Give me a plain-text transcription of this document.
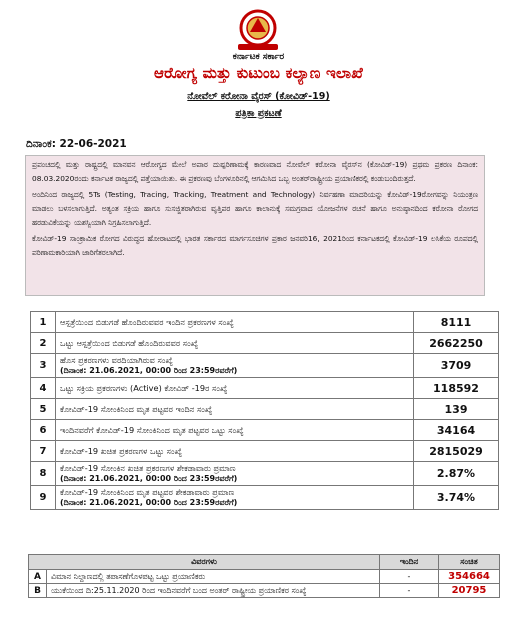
ಕರ್ನಾಟಕ ಸರ್ಕಾರ
ಆರೋಗ್ಯ ಮತ್ತು ಕುಟುಂಬ ಕಲ್ಯಾಣ ಇಲಾಖೆ
ನೋವೆಲ್ ಕರೋನಾ ವೈರಸ್ (ಕೋವಿಡ್-19)
ಪತ್ರಿಕಾ ಪ್ರಕಟಣೆ
ದಿನಾಂಕ: 22-06-2021

ಪ್ರಪಂಚದಲ್ಲಿ ಮತ್ತು ರಾಷ್ಟ್ರದಲ್ಲಿ ಮಾನವನ ಆರೋಗ್ಯದ ಮೇಲೆ ಅಪಾರ ದುಷ್ಪರಿಣಾಮಕ್ಕೆ ಕಾರಣವಾದ ನೋವೆಲ್ ಕರೋನಾ ವೈರಸ್‌ನ (ಕೋವಿಡ್-19) ಪ್ರಥಮ ಪ್ರಕರಣ ದಿನಾಂಕ: 08.03.2020ರಂದು ಕರ್ನಾಟಕ ರಾಜ್ಯದಲ್ಲಿ ಪತ್ತೆಯಾಯಿತು. ಈ ಪ್ರಕರಣವು ಬೆಂಗಳೂರಿನಲ್ಲಿ ಆಗಮಿಸಿದ ಒಬ್ಬ ಅಂತರ್‌ರಾಷ್ಟ್ರೀಯ ಪ್ರಯಾಣಿಕರಲ್ಲಿ ಕಂಡುಬಂದಿರುತ್ತದೆ.

ಅಂದಿನಿಂದ ರಾಜ್ಯದಲ್ಲಿ 5Ts (Testing, Tracing, Tracking, Treatment and Technology) ನಿರ್ವಹಣಾ ಮಾದರಿಯನ್ನು ಕೋವಿಡ್-19ರೋಗವನ್ನು ನಿಯಂತ್ರಣ ಮಾಡಲು ಬಳಸಲಾಗುತ್ತಿದೆ. ಅತ್ಯಂತ ಸಕ್ರಿಯ ಹಾಗೂ ಸುಸಜ್ಜಿತರಾಗಿರುವ ವೃತ್ತಿಪರ ಹಾಗೂ ಕಾಲಾನುಕ್ಕೆ ಸಮಗ್ರವಾದ ಯೋಜನೆಗಳ ರಚನೆ ಹಾಗೂ ಅನುಷ್ಠಾನದಿಂದ ಕರೋನಾ ರೋಗದ ಹರಡುವಿಕೆಯನ್ನು ಯಶಸ್ವಿಯಾಗಿ ನಿಗ್ರಹಿಸಲಾಗುತ್ತಿದೆ.

ಕೋವಿಡ್-19 ಸಾಂಕ್ರಾಮಿಕ ರೋಗದ ವಿರುದ್ಧದ ಹೋರಾಟದಲ್ಲಿ ಭಾರತ ಸರ್ಕಾರದ ಮಾರ್ಗಸೂಚಿಗಳ ಪ್ರಕಾರ ಜನವರಿ16, 2021ರಿಂದ ಕರ್ನಾಟಕದಲ್ಲಿ ಕೋವಿಡ್-19 ಲಸಿಕೆಯ ರೂಪದಲ್ಲಿ ಪರಿಣಾಮಕಾರಿಯಾಗಿ ಜಾರಿಗೆತರಲಾಗಿದೆ.

1	ಆಸ್ಪತ್ರೆಯಿಂದ ಬಿಡುಗಡೆ ಹೊಂದಿರುವವರ ಇಂದಿನ ಪ್ರಕರಣಗಳ ಸಂಖ್ಯೆ	8111
2	ಒಟ್ಟು ಆಸ್ಪತ್ರೆಯಿಂದ ಬಿಡುಗಡೆ ಹೊಂದಿರುವವರ ಸಂಖ್ಯೆ	2662250
3	ಹೊಸ ಪ್ರಕರಣಗಳು ವರದಿಯಾಗಿರುವ ಸಂಖ್ಯೆ
(ದಿನಾಂಕ: 21.06.2021, 00:00 ರಿಂದ 23:59ರವರೆಗೆ)	3709
4	ಒಟ್ಟು ಸಕ್ರಿಯ ಪ್ರಕರಣಗಳು (Active) ಕೋವಿಡ್ -19ರ ಸಂಖ್ಯೆ	118592
5	ಕೋವಿಡ್-19 ಸೋಂಕಿನಿಂದ ಮೃತ ಪಟ್ಟವರ ಇಂದಿನ ಸಂಖ್ಯೆ	139
6	ಇಂದಿನವರೆಗೆ ಕೋವಿಡ್-19 ಸೋಂಕಿನಿಂದ ಮೃತ ಪಟ್ಟವರ ಒಟ್ಟು ಸಂಖ್ಯೆ	34164
7	ಕೋವಿಡ್-19 ಖಚಿತ ಪ್ರಕರಣಗಳ ಒಟ್ಟು ಸಂಖ್ಯೆ	2815029
8	ಕೋವಿಡ್-19 ಸೋಂಕಿನ ಖಚಿತ ಪ್ರಕರಣಗಳ ಶೇಕಡಾವಾರು ಪ್ರಮಾಣ
(ದಿನಾಂಕ: 21.06.2021, 00:00 ರಿಂದ 23:59ರವರೆಗೆ)	2.87%
9	ಕೋವಿಡ್-19 ಸೋಂಕಿನಿಂದ ಮೃತ ಪಟ್ಟವರ ಶೇಕಡಾವಾರು ಪ್ರಮಾಣ
(ದಿನಾಂಕ: 21.06.2021, 00:00 ರಿಂದ 23:59ರವರೆಗೆ)	3.74%
ವಿವರಗಳು		ಇಂದಿನ	ಸಂಚಿತ
A	ವಿಮಾನ ನಿಲ್ದಾಣದಲ್ಲಿ ತಪಾಸಣೆಗೊಳಪಟ್ಟ ಒಟ್ಟು ಪ್ರಯಾಣಿಕರು	-	354664
B	ಯುಕೆಯಿಂದ ದಿ:25.11.2020 ರಿಂದ ಇಂದಿನವರೆಗೆ ಬಂದ ಅಂತರ್ ರಾಷ್ಟ್ರೀಯ ಪ್ರಯಾಣಿಕರ ಸಂಖ್ಯೆ	-	20795
